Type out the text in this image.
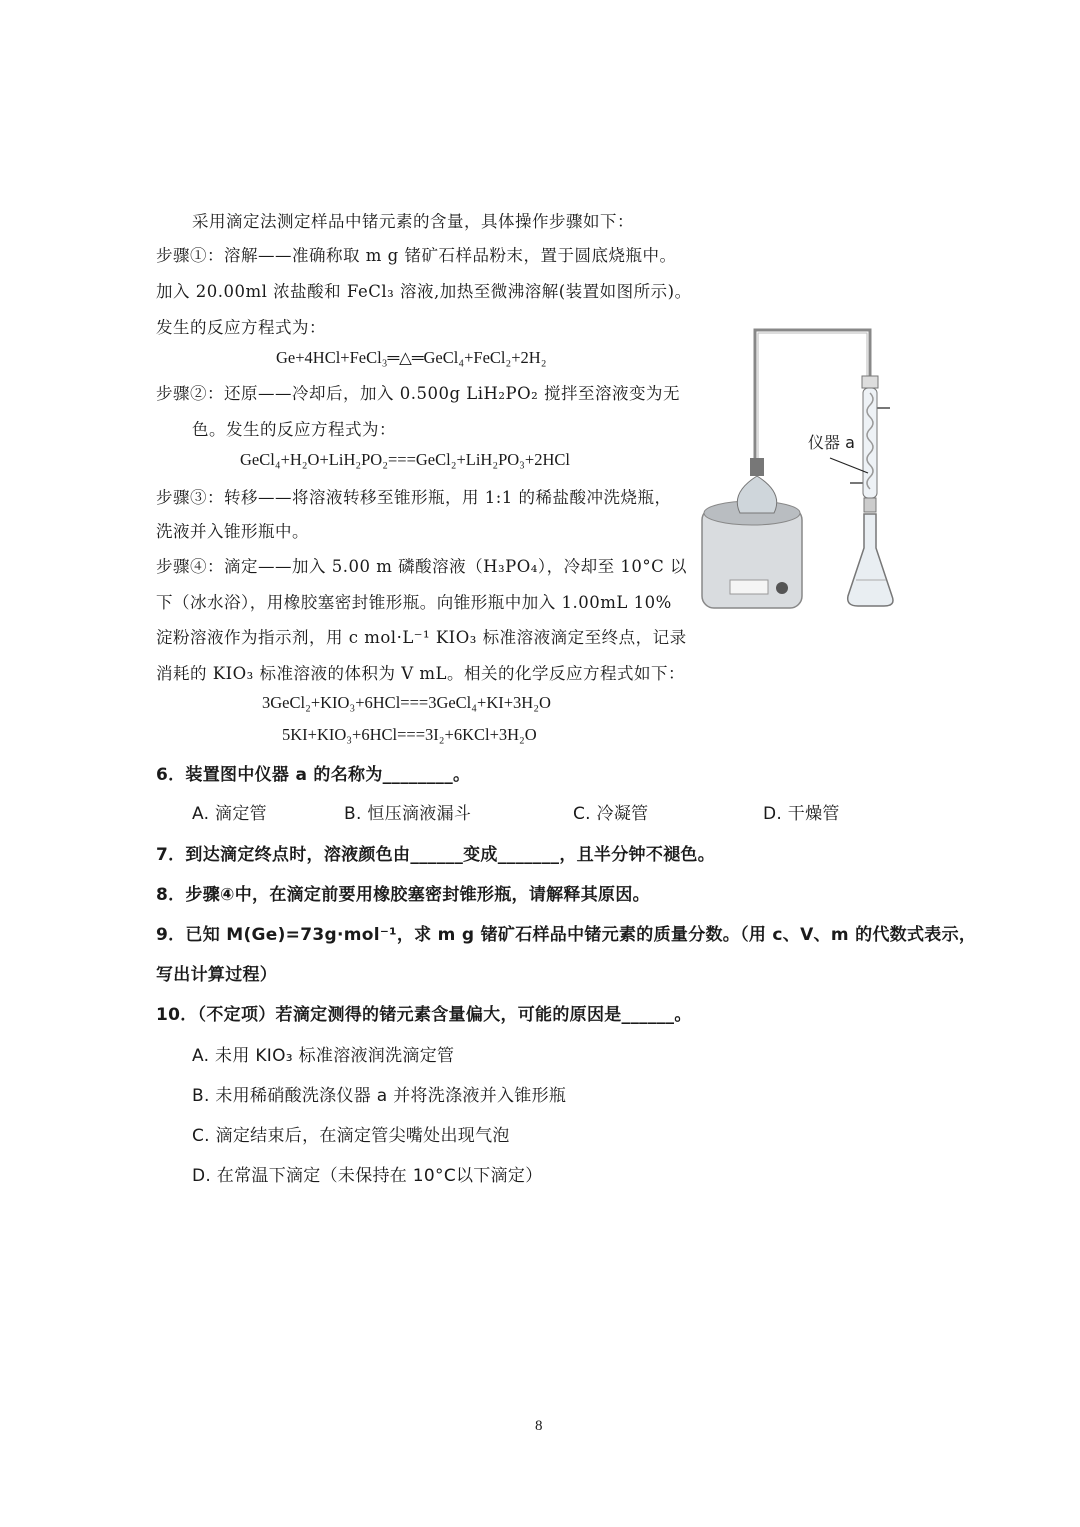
采用滴定法测定样品中锗元素的含量，具体操作步骤如下：
步骤①：溶解——准确称取 m g 锗矿石样品粉末，置于圆底烧瓶中。
加入 20.00ml 浓盐酸和 FeCl₃ 溶液,加热至微沸溶解(装置如图所示)。
发生的反应方程式为：
Ge+4HCl+FeCl₃═△═GeCl₄+FeCl₂+2H₂
步骤②：还原——冷却后，加入 0.500g LiH₂PO₂ 搅拌至溶液变为无
色。发生的反应方程式为：
GeCl₄+H₂O+LiH₂PO₂===GeCl₂+LiH₂PO₃+2HCl
步骤③：转移——将溶液转移至锥形瓶，用 1:1 的稀盐酸冲洗烧瓶，
洗液并入锥形瓶中。
步骤④：滴定——加入 5.00 m 磷酸溶液（H₃PO₄），冷却至 10°C 以
下（冰水浴），用橡胶塞密封锥形瓶。向锥形瓶中加入 1.00mL 10%
淀粉溶液作为指示剂，用 c mol·L⁻¹ KIO₃ 标准溶液滴定至终点，记录
消耗的 KIO₃ 标准溶液的体积为 V mL。相关的化学反应方程式如下：
3GeCl₂+KIO₃+6HCl===3GeCl₄+KI+3H₂O
5KI+KIO₃+6HCl===3I₂+6KCl+3H₂O
仪器 a
6．装置图中仪器 a 的名称为________。
A. 滴定管	B. 恒压滴液漏斗	C. 冷凝管	D. 干燥管
7．到达滴定终点时，溶液颜色由______变成_______，且半分钟不褪色。
8．步骤④中，在滴定前要用橡胶塞密封锥形瓶，请解释其原因。
9．已知 M(Ge)=73g·mol⁻¹，求 m g 锗矿石样品中锗元素的质量分数。（用 c、V、m 的代数式表示，
写出计算过程）
10．（不定项）若滴定测得的锗元素含量偏大，可能的原因是______。
A. 未用 KIO₃ 标准溶液润洗滴定管
B. 未用稀硝酸洗涤仪器 a 并将洗涤液并入锥形瓶
C. 滴定结束后，在滴定管尖嘴处出现气泡
D. 在常温下滴定（未保持在 10°C以下滴定）
8
